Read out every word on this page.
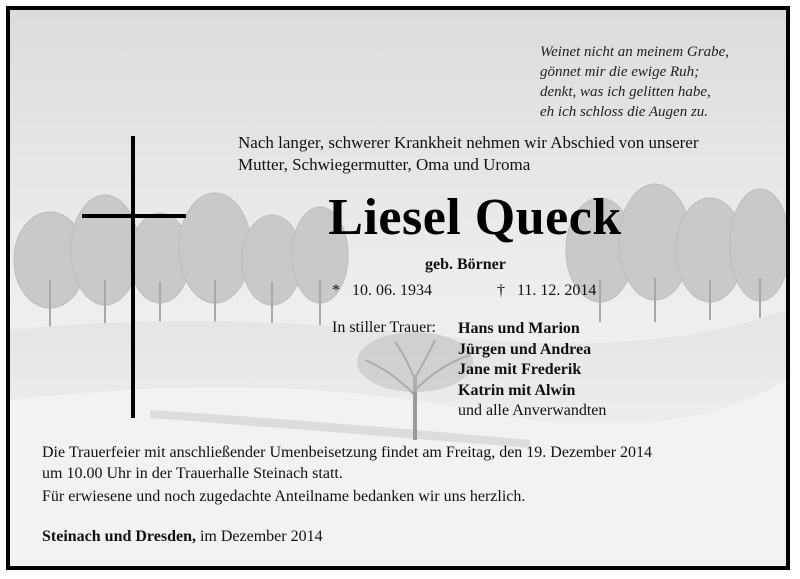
Weinet nicht an meinem Grabe,
gönnet mir die ewige Ruh;
denkt, was ich gelitten habe,
eh ich schloss die Augen zu.
Nach langer, schwerer Krankheit nehmen wir Abschied von unserer
Mutter, Schwiegermutter, Oma und Uroma
Liesel Queck
geb. Börner
* 10. 06. 1934	† 11. 12. 2014
In stiller Trauer: Hans und Marion
Jürgen und Andrea
Jane mit Frederik
Katrin mit Alwin
und alle Anverwandten
Die Trauerfeier mit anschließender Umenbeisetzung findet am Freitag, den 19. Dezember 2014
um 10.00 Uhr in der Trauerhalle Steinach statt.
Für erwiesene und noch zugedachte Anteilname bedanken wir uns herzlich.
Steinach und Dresden, im Dezember 2014
